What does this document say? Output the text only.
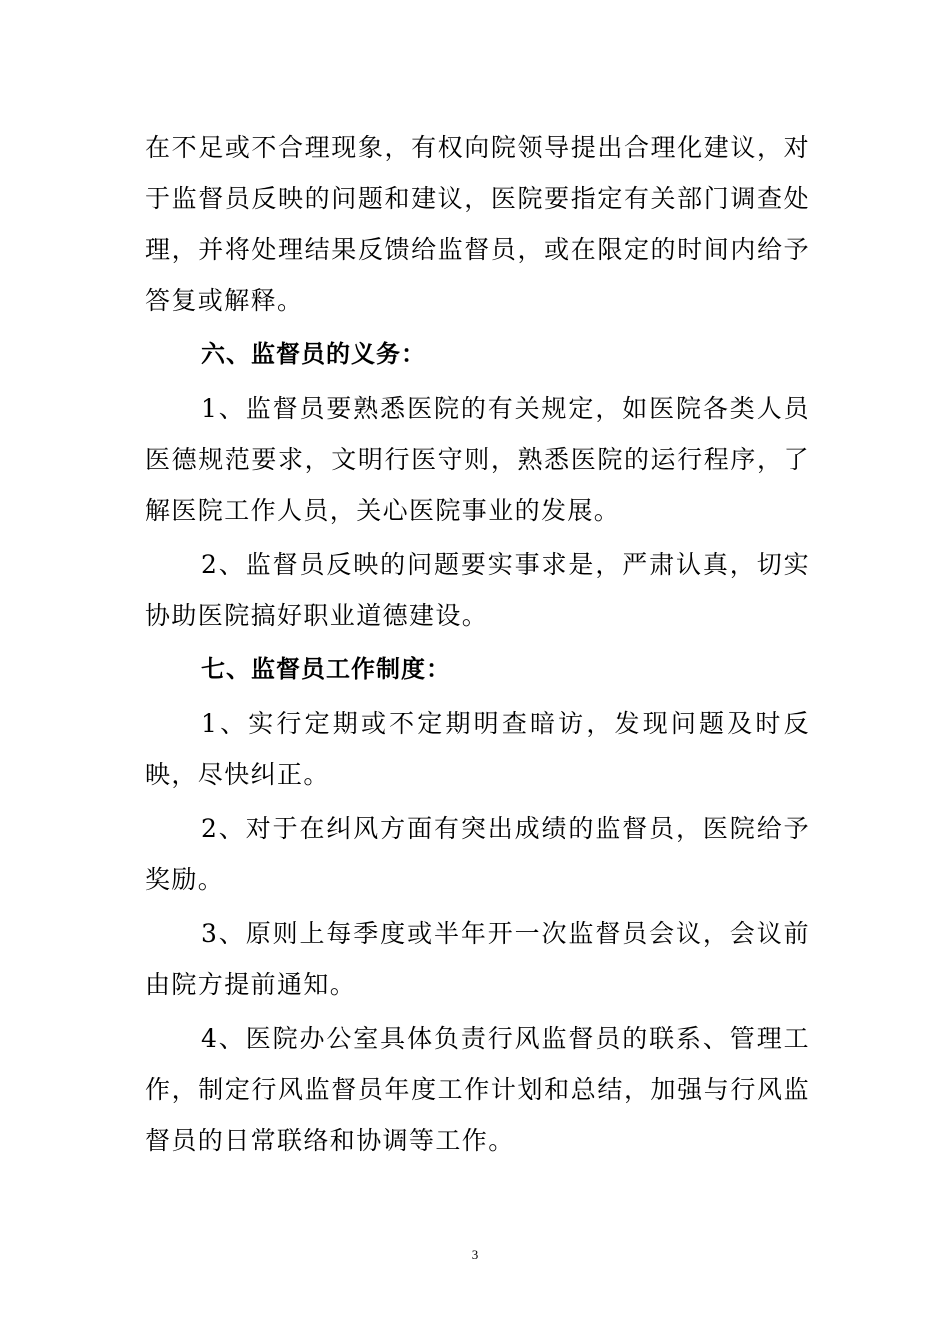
在不足或不合理现象，有权向院领导提出合理化建议，对于监督员反映的问题和建议，医院要指定有关部门调查处理，并将处理结果反馈给监督员，或在限定的时间内给予答复或解释。

六、监督员的义务：

1、监督员要熟悉医院的有关规定，如医院各类人员医德规范要求，文明行医守则，熟悉医院的运行程序，了解医院工作人员，关心医院事业的发展。

2、监督员反映的问题要实事求是，严肃认真，切实协助医院搞好职业道德建设。

七、监督员工作制度：

1、实行定期或不定期明查暗访，发现问题及时反映，尽快纠正。

2、对于在纠风方面有突出成绩的监督员，医院给予奖励。

3、原则上每季度或半年开一次监督员会议，会议前由院方提前通知。

4、医院办公室具体负责行风监督员的联系、管理工作，制定行风监督员年度工作计划和总结，加强与行风监督员的日常联络和协调等工作。

3
